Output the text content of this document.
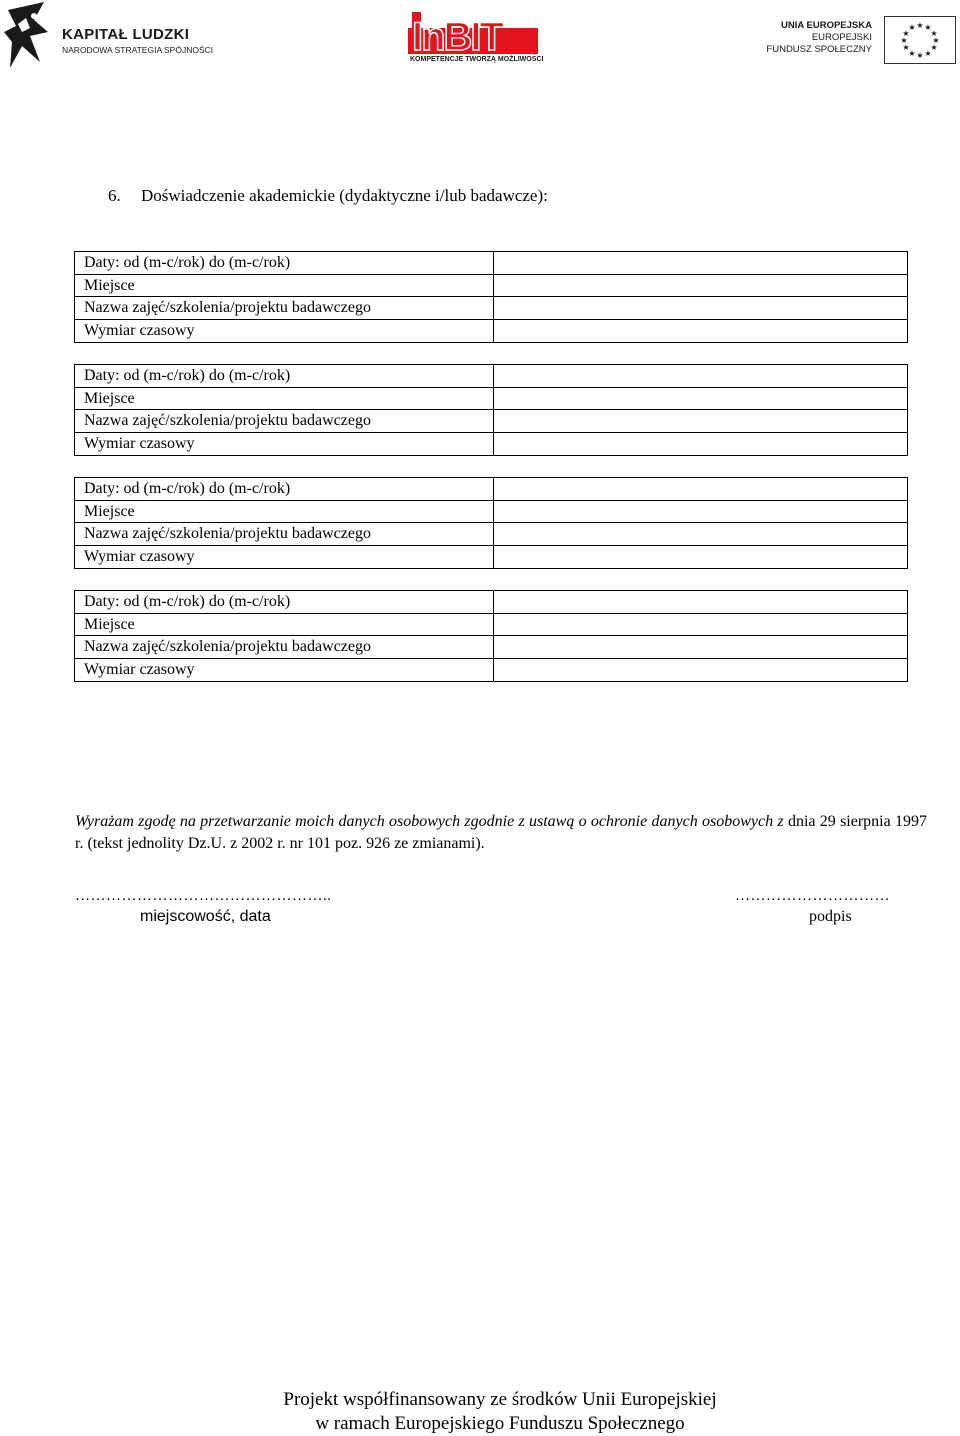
KAPITAŁ LUDZKI
NARODOWA STRATEGIA SPÓJNOŚCI	InBIT
KOMPETENCJE TWORZĄ MOŻLIWOŚCI
UNIA EUROPEJSKA
EUROPEJSKI
FUNDUSZ SPOŁECZNY
★ ★
★
★
★
★
★
★
★
★
★
★
6. Doświadczenie akademickie (dydaktyczne i/lub badawcze):
Daty: od (m-c/rok) do (m-c/rok)	
Miejsce	
Nazwa zajęć/szkolenia/projektu badawczego	
Wymiar czasowy	
Daty: od (m-c/rok) do (m-c/rok)	
Miejsce	
Nazwa zajęć/szkolenia/projektu badawczego	
Wymiar czasowy	
Daty: od (m-c/rok) do (m-c/rok)	
Miejsce	
Nazwa zajęć/szkolenia/projektu badawczego	
Wymiar czasowy	
Daty: od (m-c/rok) do (m-c/rok)	
Miejsce	
Nazwa zajęć/szkolenia/projektu badawczego	
Wymiar czasowy	
Wyrażam zgodę na przetwarzanie moich danych osobowych zgodnie z ustawą o ochronie danych osobowych z dnia 29 sierpnia 1997 r. (tekst jednolity Dz.U. z 2002 r. nr 101 poz. 926 ze zmianami).
…………………………………………..
miejscowość, data
…………………………
podpis
Projekt współfinansowany ze środków Unii Europejskiej
w ramach Europejskiego Funduszu Społecznego
